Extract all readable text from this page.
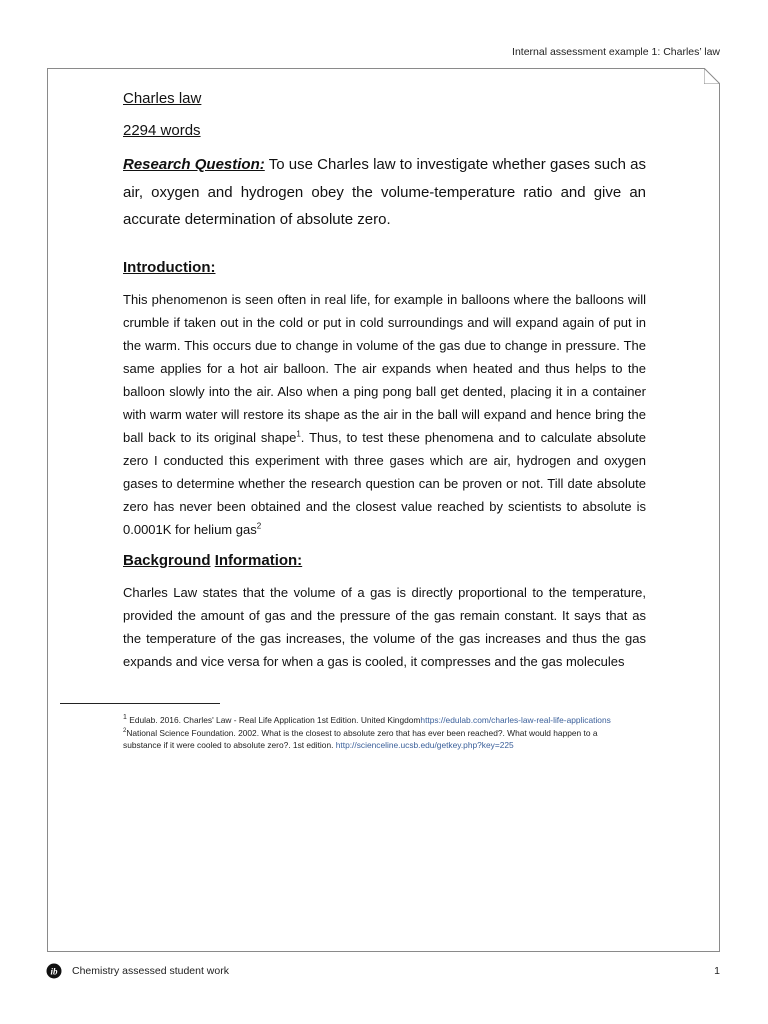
Internal assessment example 1: Charles’ law

Charles law

2294 words

Research Question: To use Charles law to investigate whether gases such as air, oxygen and hydrogen obey the volume-temperature ratio and give an accurate determination of absolute zero.

Introduction:

This phenomenon is seen often in real life, for example in balloons where the balloons will crumble if taken out in the cold or put in cold surroundings and will expand again of put in the warm. This occurs due to change in volume of the gas due to change in pressure. The same applies for a hot air balloon. The air expands when heated and thus helps to the balloon slowly into the air. Also when a ping pong ball get dented, placing it in a container with warm water will restore its shape as the air in the ball will expand and hence bring the ball back to its original shape$^1$. Thus, to test these phenomena and to calculate absolute zero I conducted this experiment with three gases which are air, hydrogen and oxygen gases to determine whether the research question can be proven or not. Till date absolute zero has never been obtained and the closest value reached by scientists to absolute is 0.0001K for helium gas$^2$

Background Information:

Charles Law states that the volume of a gas is directly proportional to the temperature, provided the amount of gas and the pressure of the gas remain constant. It says that as the temperature of the gas increases, the volume of the gas increases and thus the gas expands and vice versa for when a gas is cooled, it compresses and the gas molecules

$^1$ Edulab. 2016. Charles' Law - Real Life Application 1st Edition. United Kingdomhttps://edulab.com/charles-law-real-life-applications

$^2$National Science Foundation. 2002. What is the closest to absolute zero that has ever been reached?. What would happen to a substance if it were cooled to absolute zero?. 1st edition. http://scienceline.ucsb.edu/getkey.php?key=225

ib Chemistry assessed student work	1
